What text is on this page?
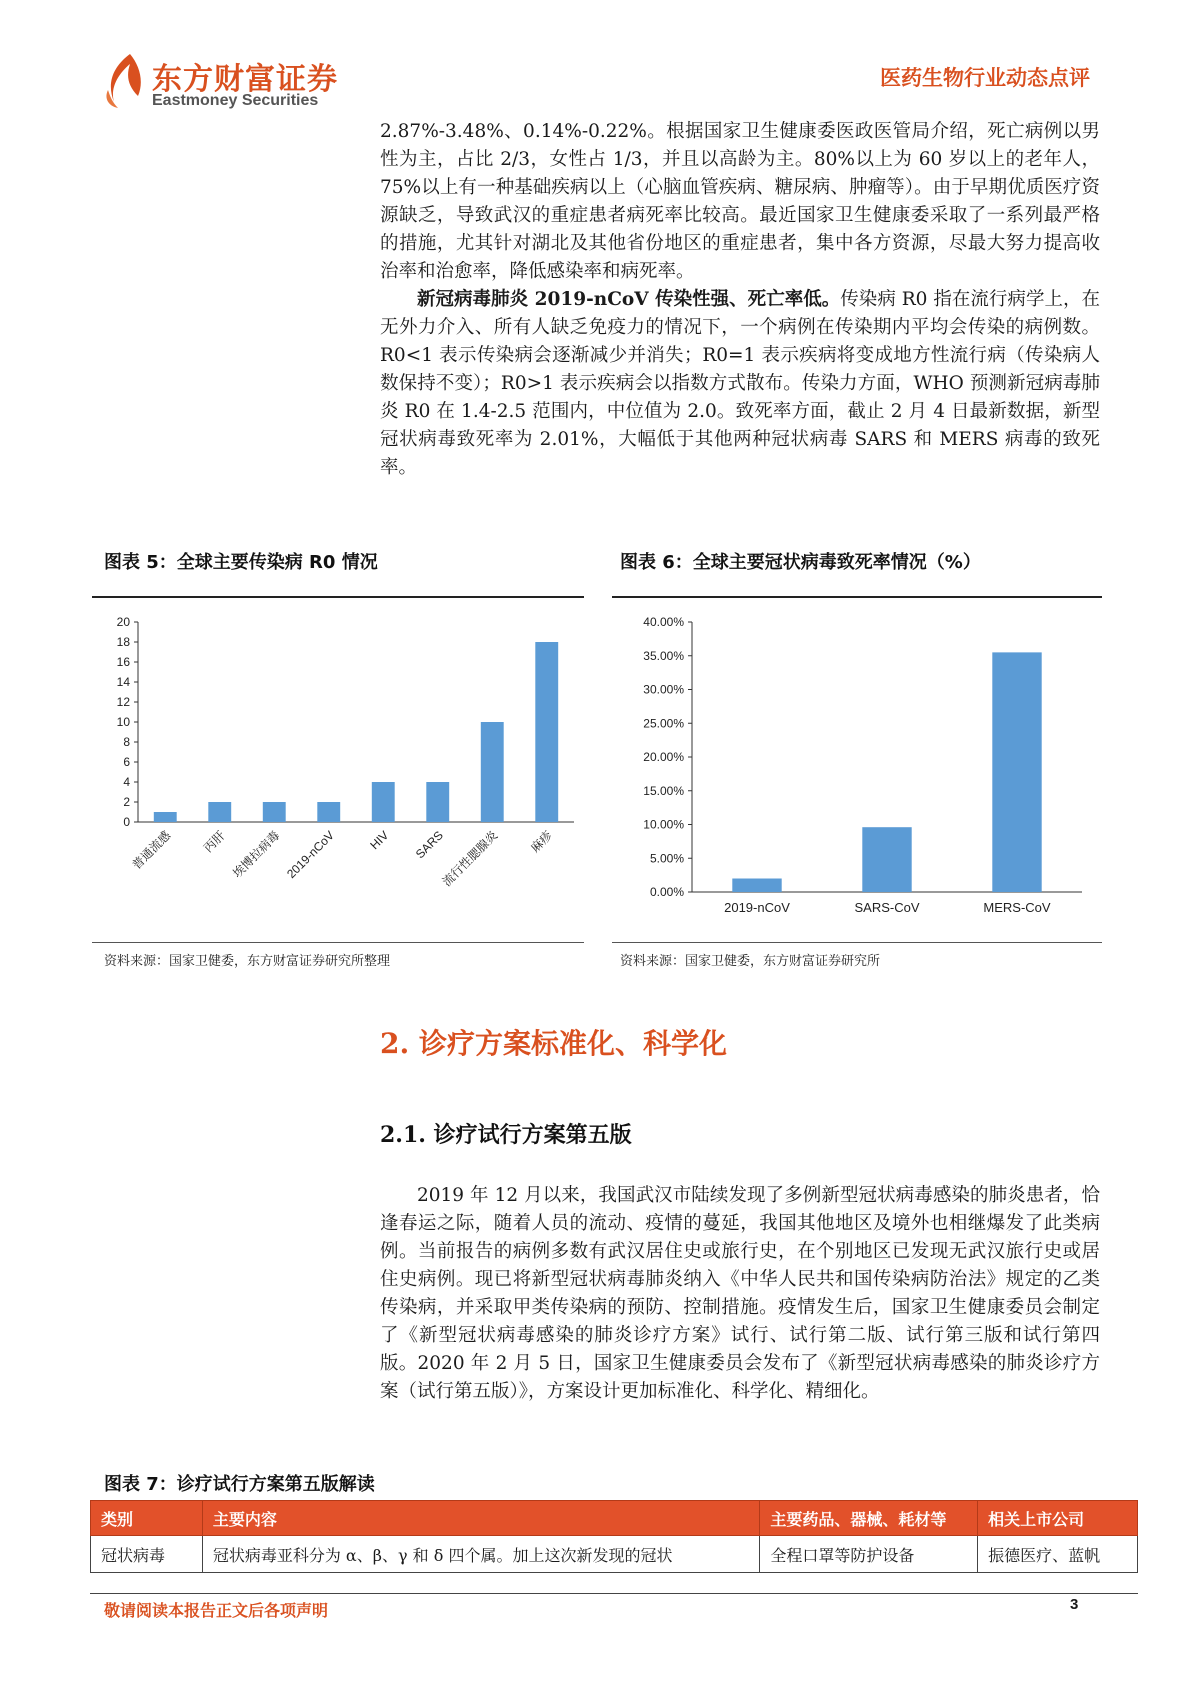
东方财富证券
Eastmoney Securities
医药生物行业动态点评

2.87%-3.48%、0.14%-0.22%。根据国家卫生健康委医政医管局介绍，死亡病例以男性为主，占比 2/3，女性占 1/3，并且以高龄为主。80%以上为 60 岁以上的老年人，75%以上有一种基础疾病以上（心脑血管疾病、糖尿病、肿瘤等）。由于早期优质医疗资源缺乏，导致武汉的重症患者病死率比较高。最近国家卫生健康委采取了一系列最严格的措施，尤其针对湖北及其他省份地区的重症患者，集中各方资源，尽最大努力提高收治率和治愈率，降低感染率和病死率。

新冠病毒肺炎 2019-nCoV 传染性强、死亡率低。传染病 R0 指在流行病学上，在无外力介入、所有人缺乏免疫力的情况下，一个病例在传染期内平均会传染的病例数。R0<1 表示传染病会逐渐减少并消失；R0=1 表示疾病将变成地方性流行病（传染病人数保持不变）；R0>1 表示疾病会以指数方式散布。传染力方面，WHO 预测新冠病毒肺炎 R0 在 1.4-2.5 范围内，中位值为 2.0。致死率方面，截止 2 月 4 日最新数据，新型冠状病毒致死率为 2.01%，大幅低于其他两种冠状病毒 SARS 和 MERS 病毒的致死率。

图表 5：全球主要传染病 R0 情况
0
2
4
6
8
10
12
14
16
18
20
普通流感 丙肝 埃博拉病毒 2019-nCoV	HIV SARS
流行性腮腺炎 麻疹
资料来源：国家卫健委，东方财富证券研究所整理
图表 6：全球主要冠状病毒致死率情况（%）
0.00%
5.00%
10.00%
15.00%
20.00%
25.00%
30.00%
35.00%
40.00%
2019-nCoV	SARS-CoV	MERS-CoV
资料来源：国家卫健委，东方财富证券研究所
2. 诊疗方案标准化、科学化
2.1. 诊疗试行方案第五版

2019 年 12 月以来，我国武汉市陆续发现了多例新型冠状病毒感染的肺炎患者，恰逢春运之际，随着人员的流动、疫情的蔓延，我国其他地区及境外也相继爆发了此类病例。当前报告的病例多数有武汉居住史或旅行史，在个别地区已发现无武汉旅行史或居住史病例。现已将新型冠状病毒肺炎纳入《中华人民共和国传染病防治法》规定的乙类传染病，并采取甲类传染病的预防、控制措施。疫情发生后，国家卫生健康委员会制定了《新型冠状病毒感染的肺炎诊疗方案》试行、试行第二版、试行第三版和试行第四版。2020 年 2 月 5 日，国家卫生健康委员会发布了《新型冠状病毒感染的肺炎诊疗方案（试行第五版）》，方案设计更加标准化、科学化、精细化。

图表 7：诊疗试行方案第五版解读
类别	主要内容	主要药品、器械、耗材等	相关上市公司
冠状病毒	冠状病毒亚科分为 α、β、γ 和 δ 四个属。加上这次新发现的冠状	全程口罩等防护设备	振德医疗、蓝帆
敬请阅读本报告正文后各项声明	3
